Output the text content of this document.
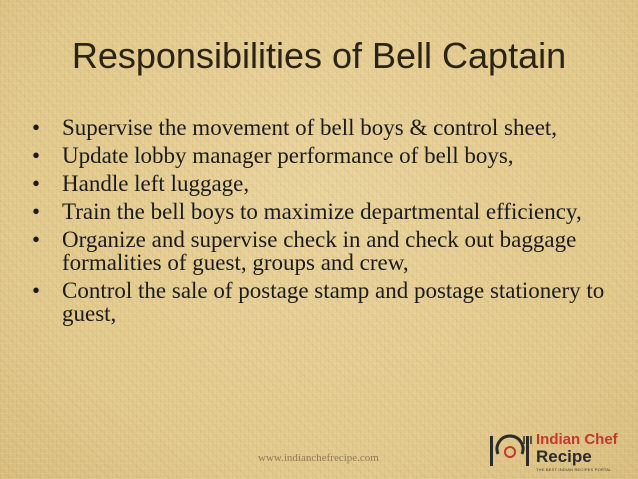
Responsibilities of Bell Captain
• Supervise the movement of bell boys & control sheet,
• Update lobby manager performance of bell boys,
• Handle left luggage,
• Train the bell boys to maximize departmental efficiency,
• Organize and supervise check in and check out baggage formalities of guest, groups and crew,
• Control the sale of postage stamp and postage stationery to guest,
www.indianchefrecipe.com
Indian Chef
Recipe
THE BEST INDIAN RECIPES PORTAL
